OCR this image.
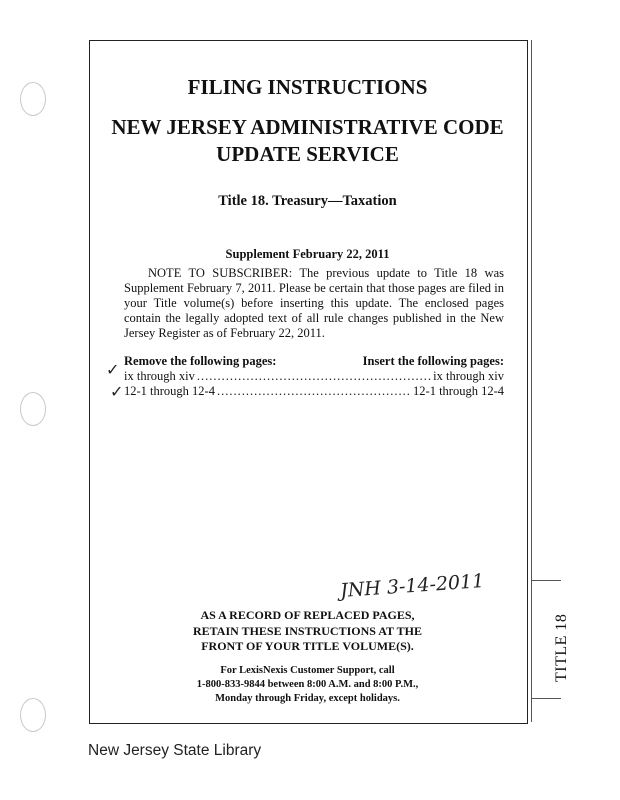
TITLE 18
FILING INSTRUCTIONS
NEW JERSEY ADMINISTRATIVE CODE
UPDATE SERVICE
Title 18. Treasury—Taxation
Supplement February 22, 2011
NOTE TO SUBSCRIBER: The previous update to Title 18 was Supplement February 7, 2011. Please be certain that those pages are filed in your Title volume(s) before inserting this update. The enclosed pages contain the legally adopted text of all rule changes published in the New Jersey Register as of February 22, 2011.
Remove the following pages:	Insert the following pages:
ix through xiv .....	ix through xiv
12-1 through 12-4 .....	12-1 through 12-4
✓
✓
JNH 3-14-2011
AS A RECORD OF REPLACED PAGES,
RETAIN THESE INSTRUCTIONS AT THE
FRONT OF YOUR TITLE VOLUME(S).
For LexisNexis Customer Support, call
1-800-833-9844 between 8:00 A.M. and 8:00 P.M.,
Monday through Friday, except holidays.
New Jersey State Library
